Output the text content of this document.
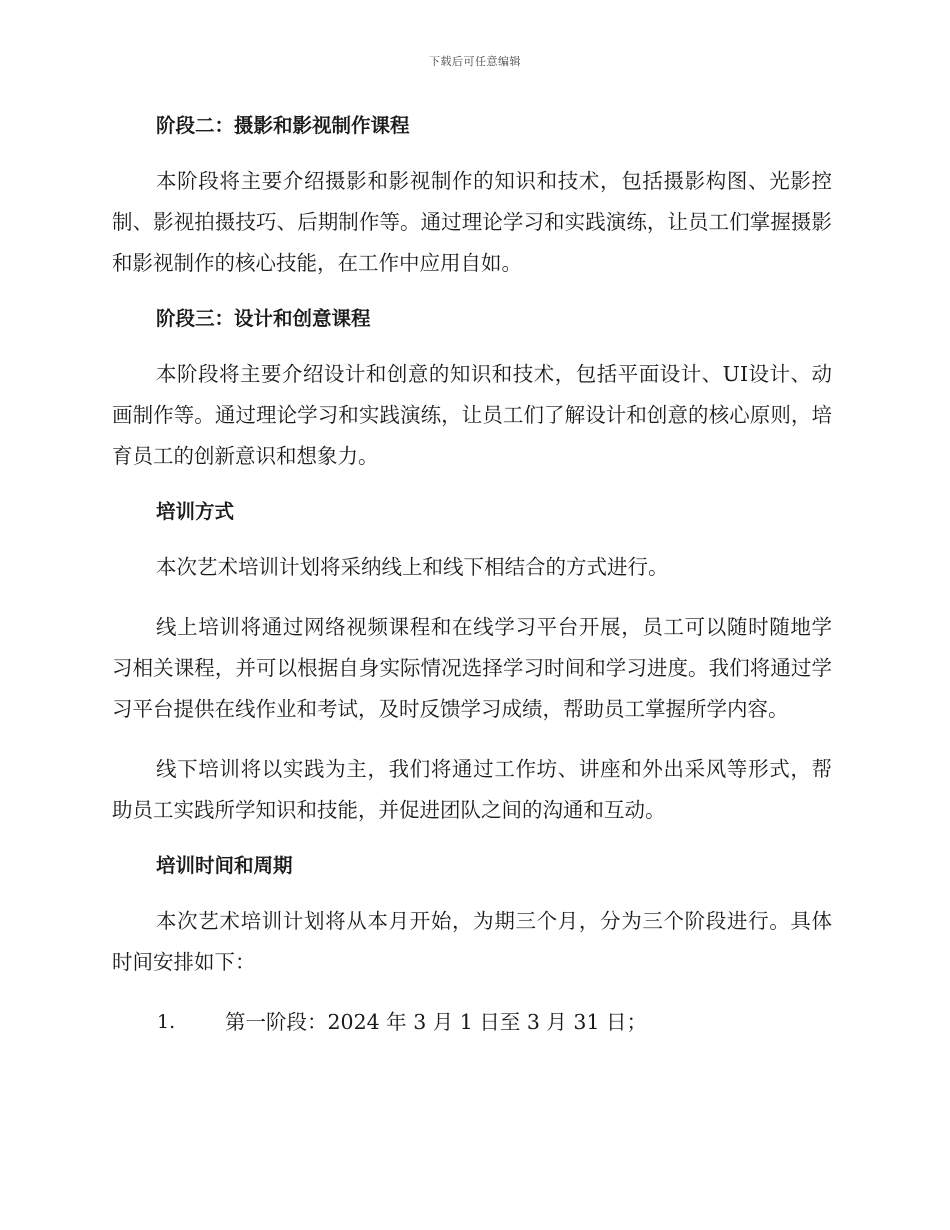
下载后可任意编辑
阶段二：摄影和影视制作课程

本阶段将主要介绍摄影和影视制作的知识和技术，包括摄影构图、光影控制、影视拍摄技巧、后期制作等。通过理论学习和实践演练，让员工们掌握摄影和影视制作的核心技能，在工作中应用自如。

阶段三：设计和创意课程

本阶段将主要介绍设计和创意的知识和技术，包括平面设计、UI设计、动画制作等。通过理论学习和实践演练，让员工们了解设计和创意的核心原则，培育员工的创新意识和想象力。

培训方式

本次艺术培训计划将采纳线上和线下相结合的方式进行。

线上培训将通过网络视频课程和在线学习平台开展，员工可以随时随地学习相关课程，并可以根据自身实际情况选择学习时间和学习进度。我们将通过学习平台提供在线作业和考试，及时反馈学习成绩，帮助员工掌握所学内容。

线下培训将以实践为主，我们将通过工作坊、讲座和外出采风等形式，帮助员工实践所学知识和技能，并促进团队之间的沟通和互动。

培训时间和周期

本次艺术培训计划将从本月开始，为期三个月，分为三个阶段进行。具体时间安排如下：

1. 第一阶段：2024 年 3 月 1 日至 3 月 31 日；
